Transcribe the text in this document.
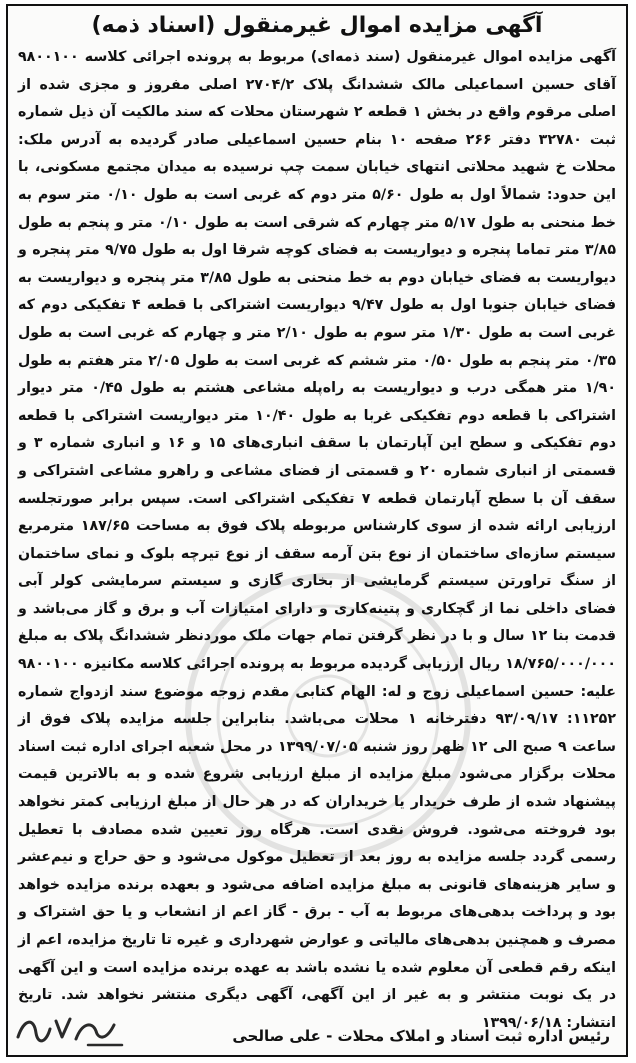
آگهی مزایده اموال غیرمنقول (اسناد ذمه)

آگهی مزایده اموال غیرمنقول (سند ذمه‌ای) مربوط به پرونده اجرائی کلاسه ۹۸۰۰۱۰۰ آقای حسین اسماعیلی مالک ششدانگ پلاک ۲۷۰۴/۲ اصلی مفروز و مجزی شده از اصلی مرقوم واقع در بخش ۱ قطعه ۲ شهرستان محلات که سند مالکیت آن ذیل شماره ثبت ۳۲۷۸۰ دفتر ۲۶۶ صفحه ۱۰ بنام حسین اسماعیلی صادر گردیده به آدرس ملک: محلات خ شهید محلاتی انتهای خیابان سمت چپ نرسیده به میدان مجتمع مسکونی، با این حدود: شمالاً اول به طول ۵/۶۰ متر دوم که غربی است به طول ۰/۱۰ متر سوم به خط منحنی به طول ۵/۱۷ متر چهارم که شرقی است به طول ۰/۱۰ متر و پنجم به طول ۳/۸۵ متر تماما پنجره و دیواریست به فضای کوچه شرقا اول به طول ۹/۷۵ متر پنجره و دیواریست به فضای خیابان دوم به خط منحنی به طول ۳/۸۵ متر پنجره و دیواریست به فضای خیابان جنوبا اول به طول ۹/۴۷ دیواریست اشتراکی با قطعه ۴ تفکیکی دوم که غربی است به طول ۱/۳۰ متر سوم به طول ۲/۱۰ متر و چهارم که غربی است به طول ۰/۳۵ متر پنجم به طول ۰/۵۰ متر ششم که غربی است به طول ۲/۰۵ متر هفتم به طول ۱/۹۰ متر همگی درب و دیواریست به راه‌پله مشاعی هشتم به طول ۰/۴۵ متر دیوار اشتراکی با قطعه دوم تفکیکی غربا به طول ۱۰/۴۰ متر دیواریست اشتراکی با قطعه دوم تفکیکی و سطح این آپارتمان با سقف انباری‌های ۱۵ و ۱۶ و انباری شماره ۳ و قسمتی از انباری شماره ۲۰ و قسمتی از فضای مشاعی و راهرو مشاعی اشتراکی و سقف آن با سطح آپارتمان قطعه ۷ تفکیکی اشتراکی است. سپس برابر صورتجلسه ارزیابی ارائه شده از سوی کارشناس مربوطه پلاک فوق به مساحت ۱۸۷/۶۵ مترمربع سیستم سازه‌ای ساختمان از نوع بتن آرمه سقف از نوع تیرچه بلوک و نمای ساختمان از سنگ تراورتن سیستم گرمایشی از بخاری گازی و سیستم سرمایشی کولر آبی فضای داخلی نما از گچکاری و پتینه‌کاری و دارای امتیازات آب و برق و گاز می‌باشد و قدمت بنا ۱۲ سال و با در نظر گرفتن تمام جهات ملک مورد‌نظر ششدانگ پلاک به مبلغ ۱۸/۷۶۵/۰۰۰/۰۰۰ ریال ارزیابی گردیده مربوط به پرونده اجرائی کلاسه مکانیزه ۹۸۰۰۱۰۰ علیه: حسین اسماعیلی زوج و له: الهام کتابی مقدم زوجه موضوع سند ازدواج شماره ۱۱۲۵۲: ۹۳/۰۹/۱۷ دفترخانه ۱ محلات می‌باشد. بنابراین جلسه مزایده پلاک فوق از ساعت ۹ صبح الی ۱۲ ظهر روز شنبه ۱۳۹۹/۰۷/۰۵ در محل شعبه اجرای اداره ثبت اسناد محلات برگزار می‌شود مبلغ مزایده از مبلغ ارزیابی شروع شده و به بالاترین قیمت پیشنهاد شده از طرف خریدار یا خریداران که در هر حال از مبلغ ارزیابی کمتر نخواهد بود فروخته می‌شود. فروش نقدی است. هرگاه روز تعیین شده مصادف با تعطیل رسمی گردد جلسه مزایده به روز بعد از تعطیل موکول می‌شود و حق حراج و نیم‌عشر و سایر هزینه‌های قانونی به مبلغ مزایده اضافه می‌شود و بعهده برنده مزایده خواهد بود و پرداخت بدهی‌های مربوط به آب - برق - گاز اعم از انشعاب و یا حق اشتراک و مصرف و همچنین بدهی‌های مالیاتی و عوارض شهرداری و غیره تا تاریخ مزایده، اعم از اینکه رقم قطعی آن معلوم شده یا نشده باشد به عهده برنده مزایده است و این آگهی در یک نوبت منتشر و به غیر از این آگهی، آگهی دیگری منتشر نخواهد شد. تاریخ انتشار: ۱۳۹۹/۰۶/۱۸

رئیس اداره ثبت اسناد و املاک محلات - علی صالحی
